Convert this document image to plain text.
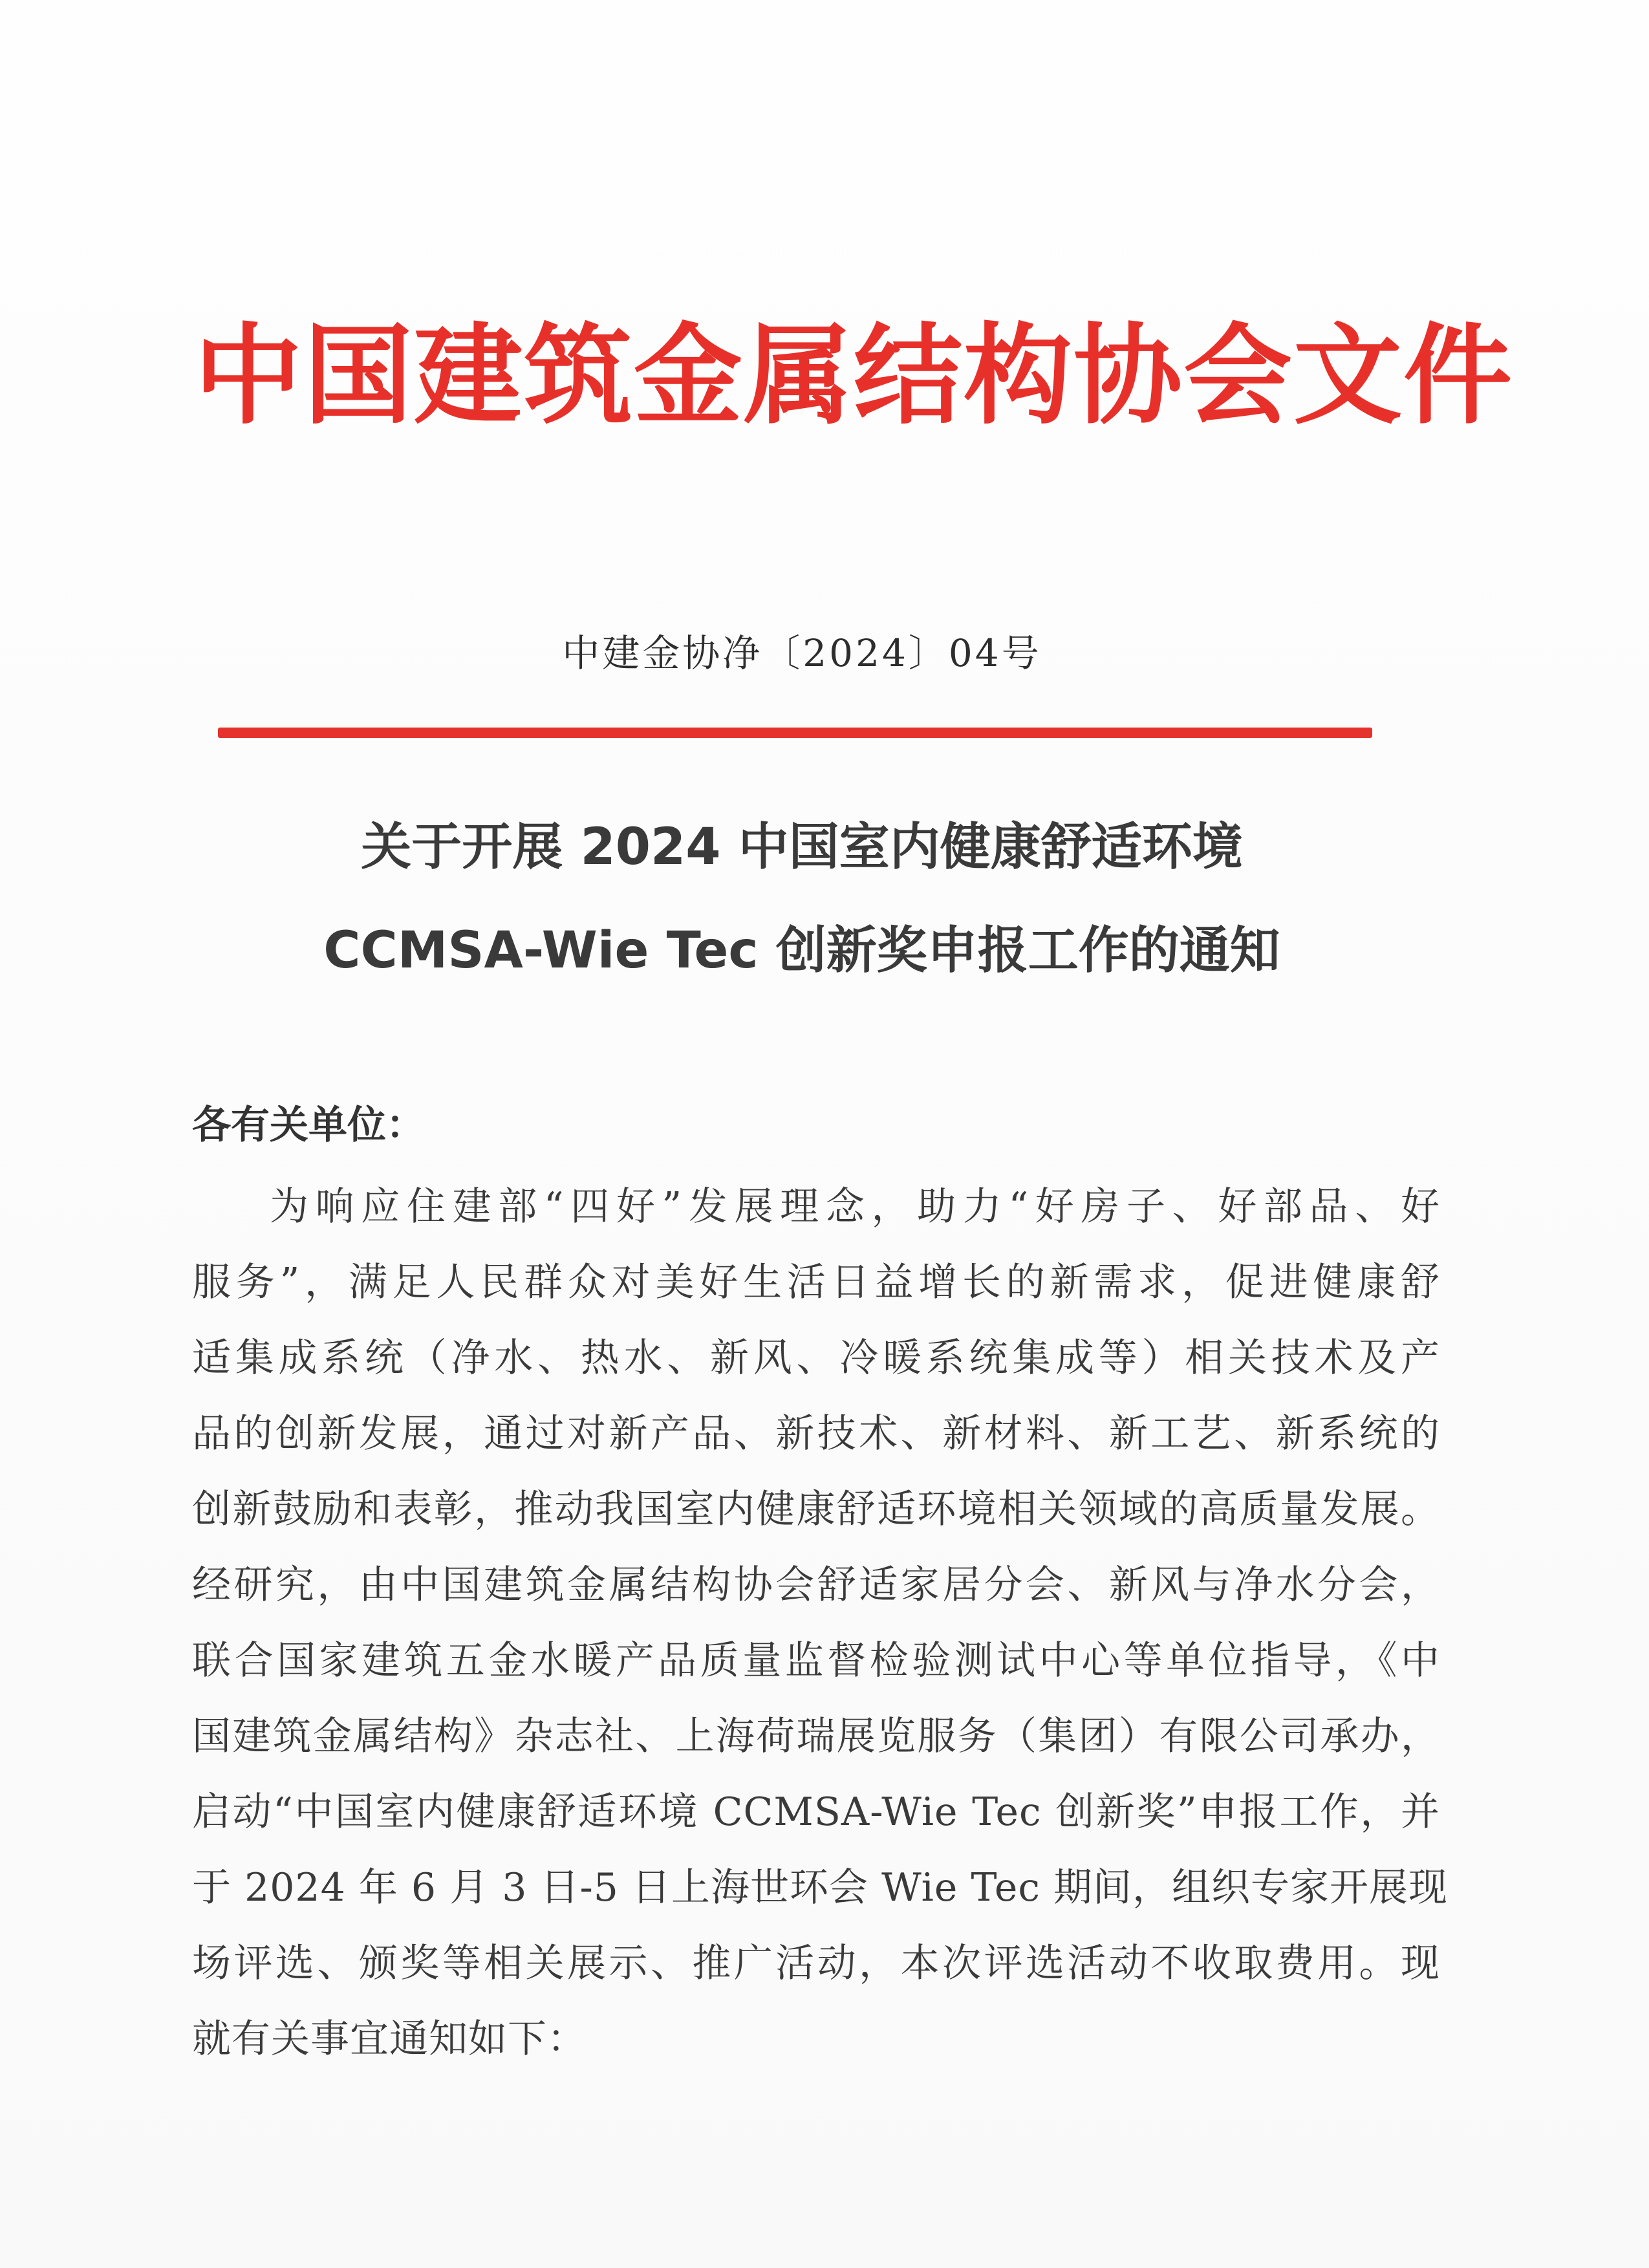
中国建筑金属结构协会文件
中建金协净〔2024〕04号
关于开展 2024 中国室内健康舒适环境
CCMSA-Wie Tec 创新奖申报工作的通知
各有关单位：
为响应住建部“四好”发展理念，助力“好房子、好部品、好
服务”，满足人民群众对美好生活日益增长的新需求，促进健康舒
适集成系统（净水、热水、新风、冷暖系统集成等）相关技术及产
品的创新发展，通过对新产品、新技术、新材料、新工艺、新系统的
创新鼓励和表彰，推动我国室内健康舒适环境相关领域的高质量发展。
经研究，由中国建筑金属结构协会舒适家居分会、新风与净水分会，
联合国家建筑五金水暖产品质量监督检验测试中心等单位指导，《中
国建筑金属结构》杂志社、上海荷瑞展览服务（集团）有限公司承办，
启动“中国室内健康舒适环境 CCMSA-Wie Tec 创新奖”申报工作，并
于 2024 年 6 月 3 日-5 日上海世环会 Wie Tec 期间，组织专家开展现
场评选、颁奖等相关展示、推广活动，本次评选活动不收取费用。现
就有关事宜通知如下：
